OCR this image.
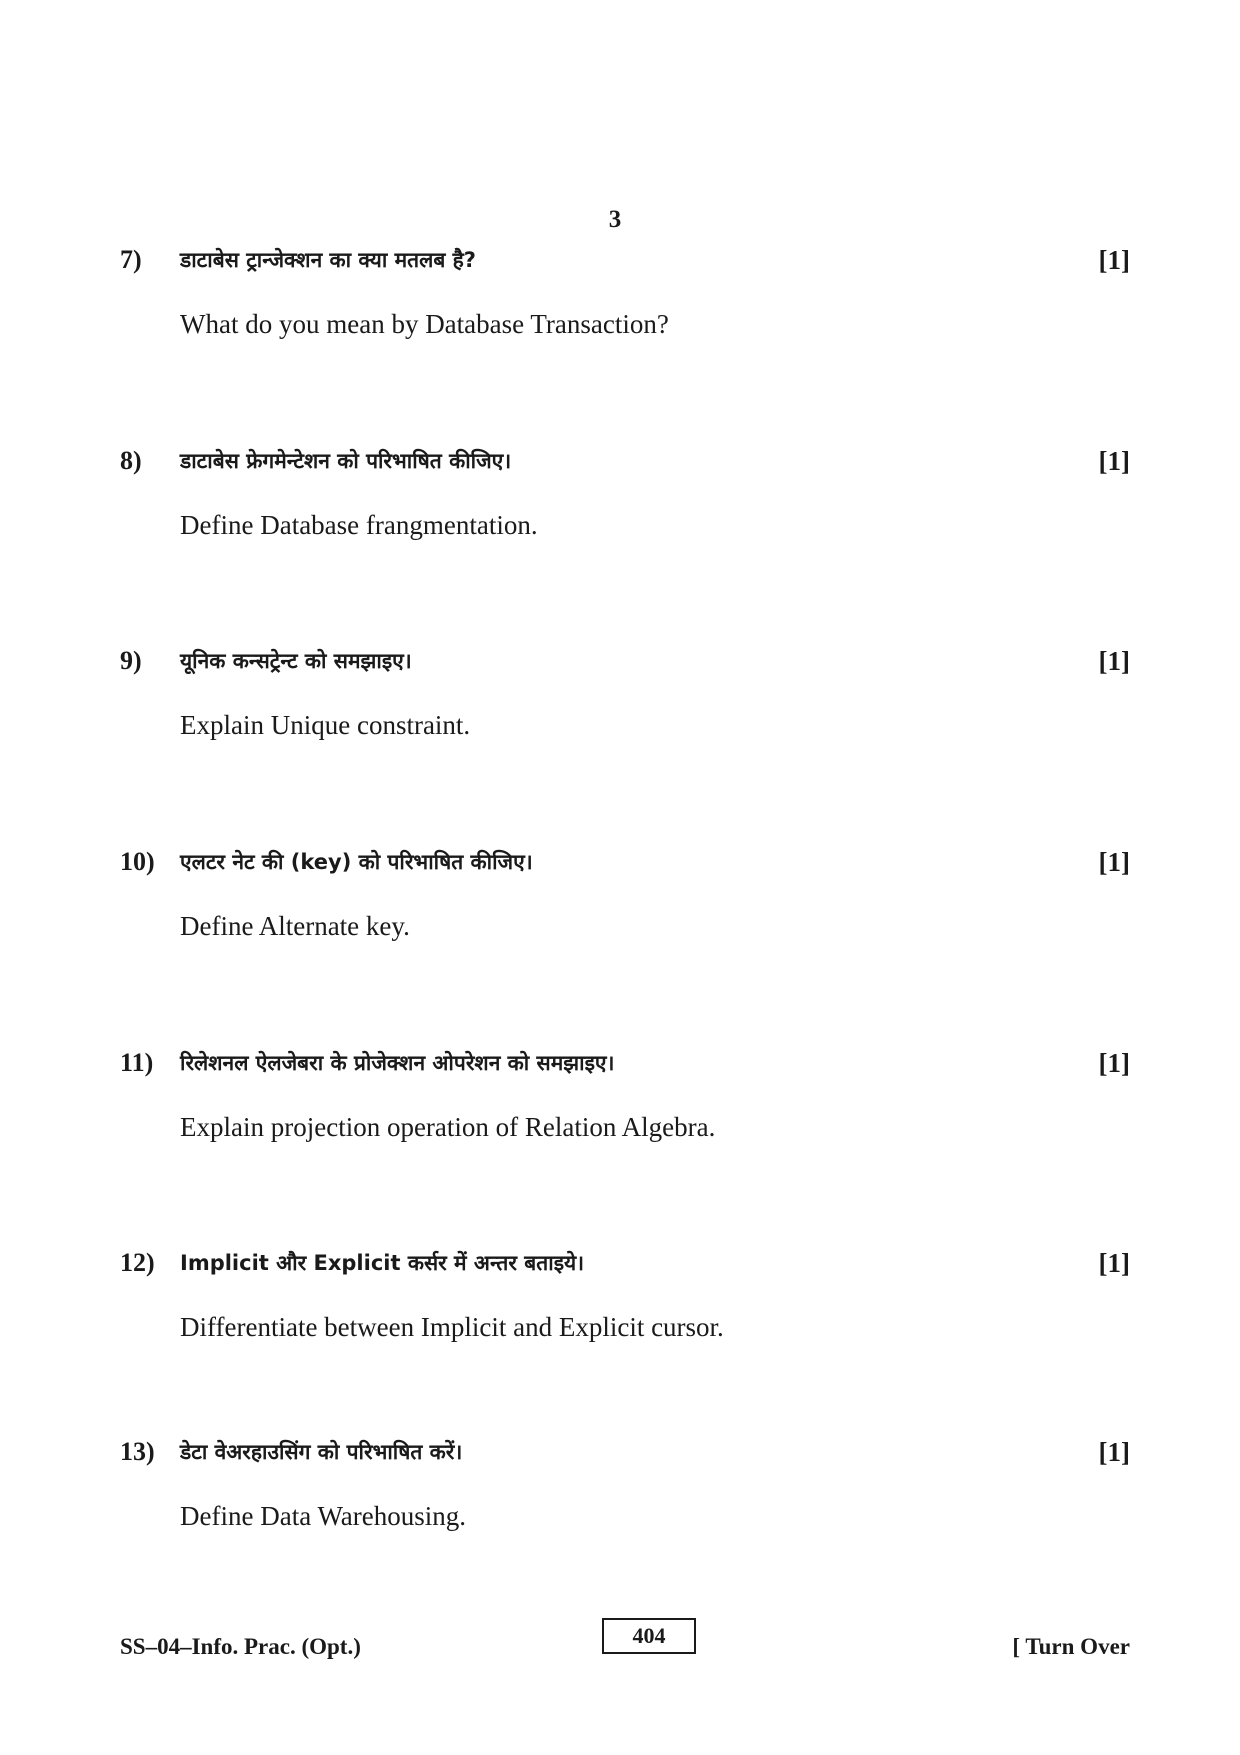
3
7) डाटाबेस ट्रान्जेक्शन का क्या मतलब है?	[1]
What do you mean by Database Transaction?
8) डाटाबेस फ्रेगमेन्टेशन को परिभाषित कीजिए।	[1]
Define Database frangmentation.
9) यूनिक कन्सट्रेन्ट को समझाइए।	[1]
Explain Unique constraint.
10) एलटर नेट की (key) को परिभाषित कीजिए।	[1]
Define Alternate key.
11) रिलेशनल ऐलजेबरा के प्रोजेक्शन ओपरेशन को समझाइए।	[1]
Explain projection operation of Relation Algebra.
12) Implicit और Explicit कर्सर में अन्तर बताइये।	[1]
Differentiate between Implicit and Explicit cursor.
13) डेटा वेअरहाउसिंग को परिभाषित करें।	[1]
Define Data Warehousing.
SS–04–Info. Prac. (Opt.)	404	[ Turn Over
